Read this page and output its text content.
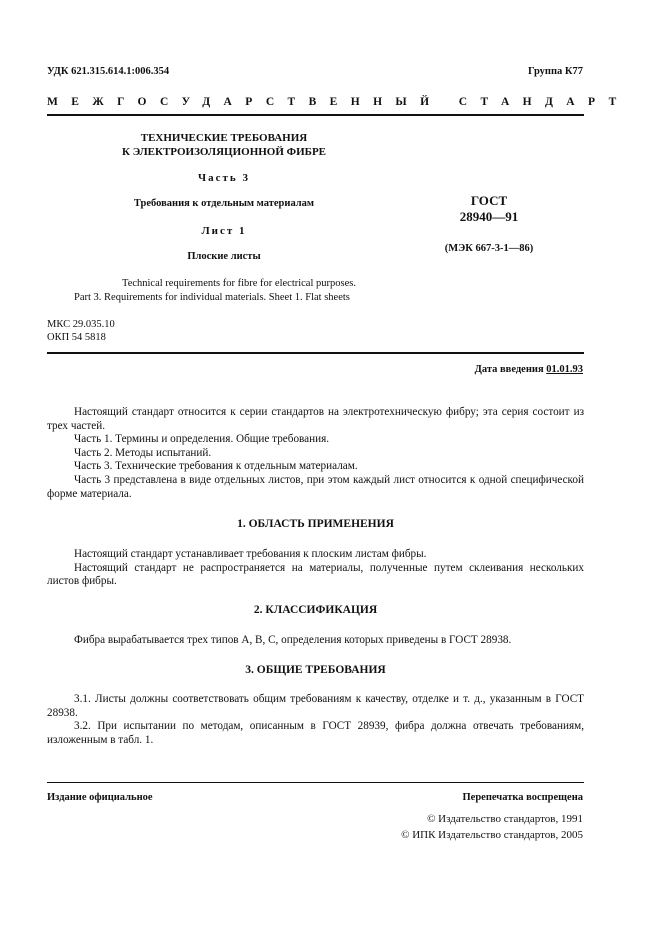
УДК 621.315.614.1:006.354	Группа К77
МЕЖГОСУДАРСТВЕННЫЙ СТАНДАРТ
ТЕХНИЧЕСКИЕ ТРЕБОВАНИЯ
К ЭЛЕКТРОИЗОЛЯЦИОННОЙ ФИБРЕ
Часть 3
Требования к отдельным материалам
Лист 1
Плоские листы
ГОСТ
28940—91
(МЭК 667-3-1—86)
Technical requirements for fibre for electrical purposes.
Part 3. Requirements for individual materials. Sheet 1. Flat sheets
МКС 29.035.10
ОКП 54 5818
Дата введения 01.01.93
Настоящий стандарт относится к серии стандартов на электротехническую фибру; эта серия состоит из трех частей.
Часть 1. Термины и определения. Общие требования.
Часть 2. Методы испытаний.
Часть 3. Технические требования к отдельным материалам.
Часть 3 представлена в виде отдельных листов, при этом каждый лист относится к одной специфической форме материала.
1. ОБЛАСТЬ ПРИМЕНЕНИЯ
Настоящий стандарт устанавливает требования к плоским листам фибры.
Настоящий стандарт не распространяется на материалы, полученные путем склеивания нескольких листов фибры.
2. КЛАССИФИКАЦИЯ
Фибра вырабатывается трех типов А, В, С, определения которых приведены в ГОСТ 28938.
3. ОБЩИЕ ТРЕБОВАНИЯ
3.1. Листы должны соответствовать общим требованиям к качеству, отделке и т. д., указанным в ГОСТ 28938.
3.2. При испытании по методам, описанным в ГОСТ 28939, фибра должна отвечать требованиям, изложенным в табл. 1.
Издание официальное	Перепечатка воспрещена
© Издательство стандартов, 1991
© ИПК Издательство стандартов, 2005
